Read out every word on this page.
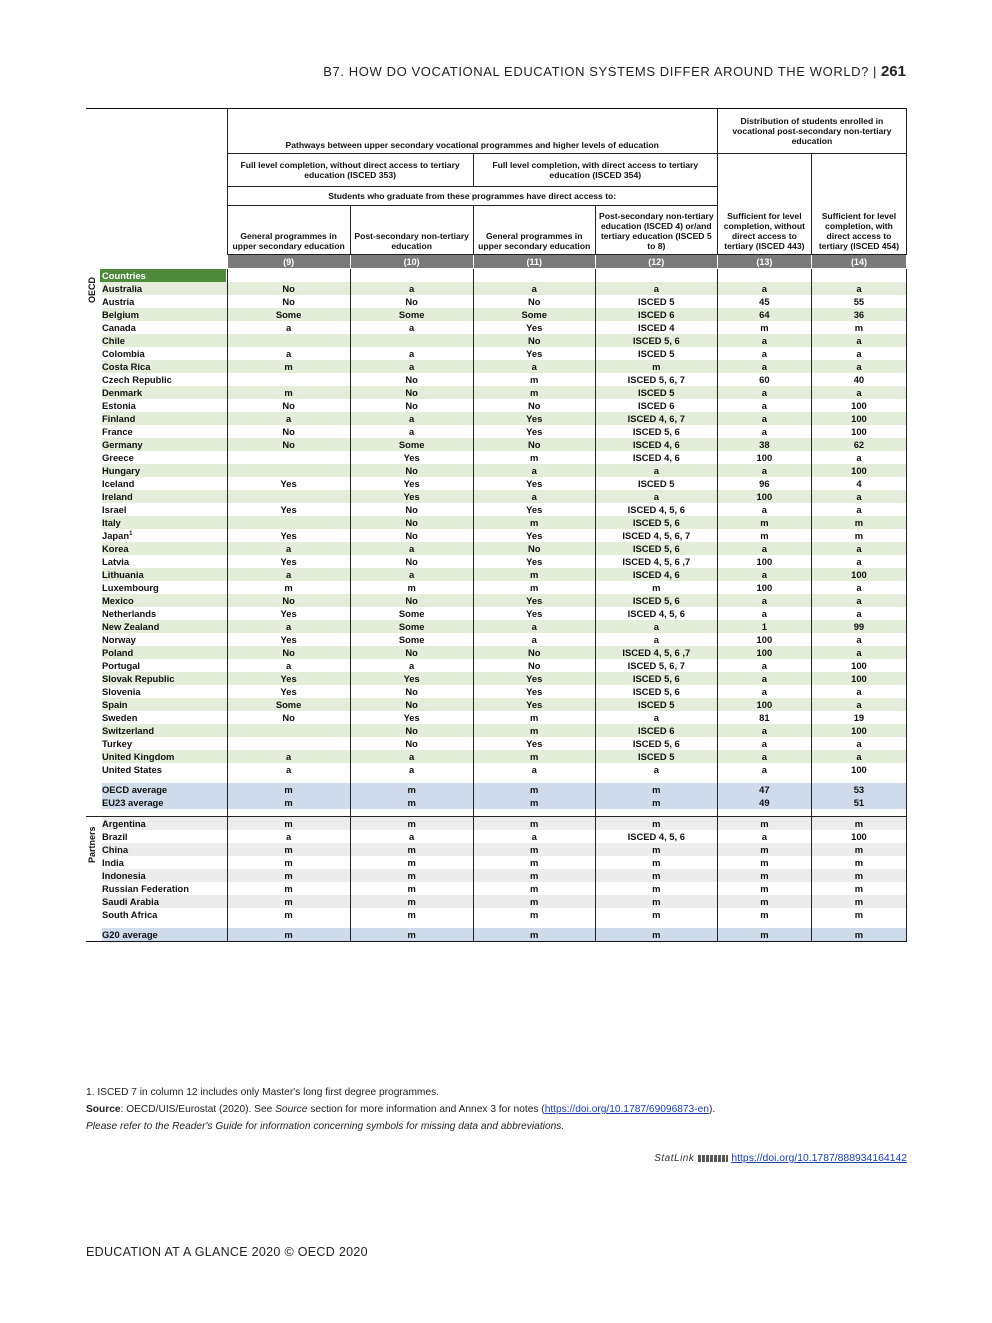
B7. HOW DO VOCATIONAL EDUCATION SYSTEMS DIFFER AROUND THE WORLD? | 261
	Pathways between upper secondary vocational programmes and higher levels of education				Distribution of students enrolled in vocational post-secondary non-tertiary education	
	Full level completion, without direct access to tertiary education (ISCED 353)		Full level completion, with direct access to tertiary education (ISCED 354)		Sufficient for level completion, without direct access to tertiary (ISCED 443)	Sufficient for level completion, with direct access to tertiary (ISCED 454)
	Students who graduate from these programmes have direct access to:					
	General programmes in upper secondary education	Post-secondary non-tertiary education	General programmes in upper secondary education	Post-secondary non-tertiary education (ISCED 4) or/and tertiary education (ISCED 5 to 8)		
	(9)	(10)	(11)	(12)	(13)	(14)
Countries						
Australia	No	a	a	a	a	a
Austria	No	No	No	ISCED 5	45	55
Belgium	Some	Some	Some	ISCED 6	64	36
Canada	a	a	Yes	ISCED 4	m	m
Chile			No	ISCED 5, 6	a	a
Colombia	a	a	Yes	ISCED 5	a	a
Costa Rica	m	a	a	m	a	a
Czech Republic		No	m	ISCED 5, 6, 7	60	40
Denmark	m	No	m	ISCED 5	a	a
Estonia	No	No	No	ISCED 6	a	100
Finland	a	a	Yes	ISCED 4, 6, 7	a	100
France	No	a	Yes	ISCED 5, 6	a	100
Germany	No	Some	No	ISCED 4, 6	38	62
Greece		Yes	m	ISCED 4, 6	100	a
Hungary		No	a	a	a	100
Iceland	Yes	Yes	Yes	ISCED 5	96	4
Ireland		Yes	a	a	100	a
Israel	Yes	No	Yes	ISCED 4, 5, 6	a	a
Italy		No	m	ISCED 5, 6	m	m
Japan$^1$	Yes	No	Yes	ISCED 4, 5, 6, 7	m	m
Korea	a	a	No	ISCED 5, 6	a	a
Latvia	Yes	No	Yes	ISCED 4, 5, 6 ,7	100	a
Lithuania	a	a	m	ISCED 4, 6	a	100
Luxembourg	m	m	m	m	100	a
Mexico	No	No	Yes	ISCED 5, 6	a	a
Netherlands	Yes	Some	Yes	ISCED 4, 5, 6	a	a
New Zealand	a	Some	a	a	1	99
Norway	Yes	Some	a	a	100	a
Poland	No	No	No	ISCED 4, 5, 6 ,7	100	a
Portugal	a	a	No	ISCED 5, 6, 7	a	100
Slovak Republic	Yes	Yes	Yes	ISCED 5, 6	a	100
Slovenia	Yes	No	Yes	ISCED 5, 6	a	a
Spain	Some	No	Yes	ISCED 5	100	a
Sweden	No	Yes	m	a	81	19
Switzerland		No	m	ISCED 6	a	100
Turkey		No	Yes	ISCED 5, 6	a	a
United Kingdom	a	a	m	ISCED 5	a	a
United States	a	a	a	a	a	100

OECD average	m	m	m	m	47	53
EU23 average	m	m	m	m	49	51

Argentina	m	m	m	m	m	m
Brazil	a	a	a	ISCED 4, 5, 6	a	100
China	m	m	m	m	m	m
India	m	m	m	m	m	m
Indonesia	m	m	m	m	m	m
Russian Federation	m	m	m	m	m	m
Saudi Arabia	m	m	m	m	m	m
South Africa	m	m	m	m	m	m

G20 average	m	m	m	m	m	m
OECD
Partners
1. ISCED 7 in column 12 includes only Master's long first degree programmes.
Source: OECD/UIS/Eurostat (2020). See Source section for more information and Annex 3 for notes (https://doi.org/10.1787/69096873-en).
Please refer to the Reader's Guide for information concerning symbols for missing data and abbreviations.
StatLink	https://doi.org/10.1787/888934164142
EDUCATION AT A GLANCE 2020 © OECD 2020
